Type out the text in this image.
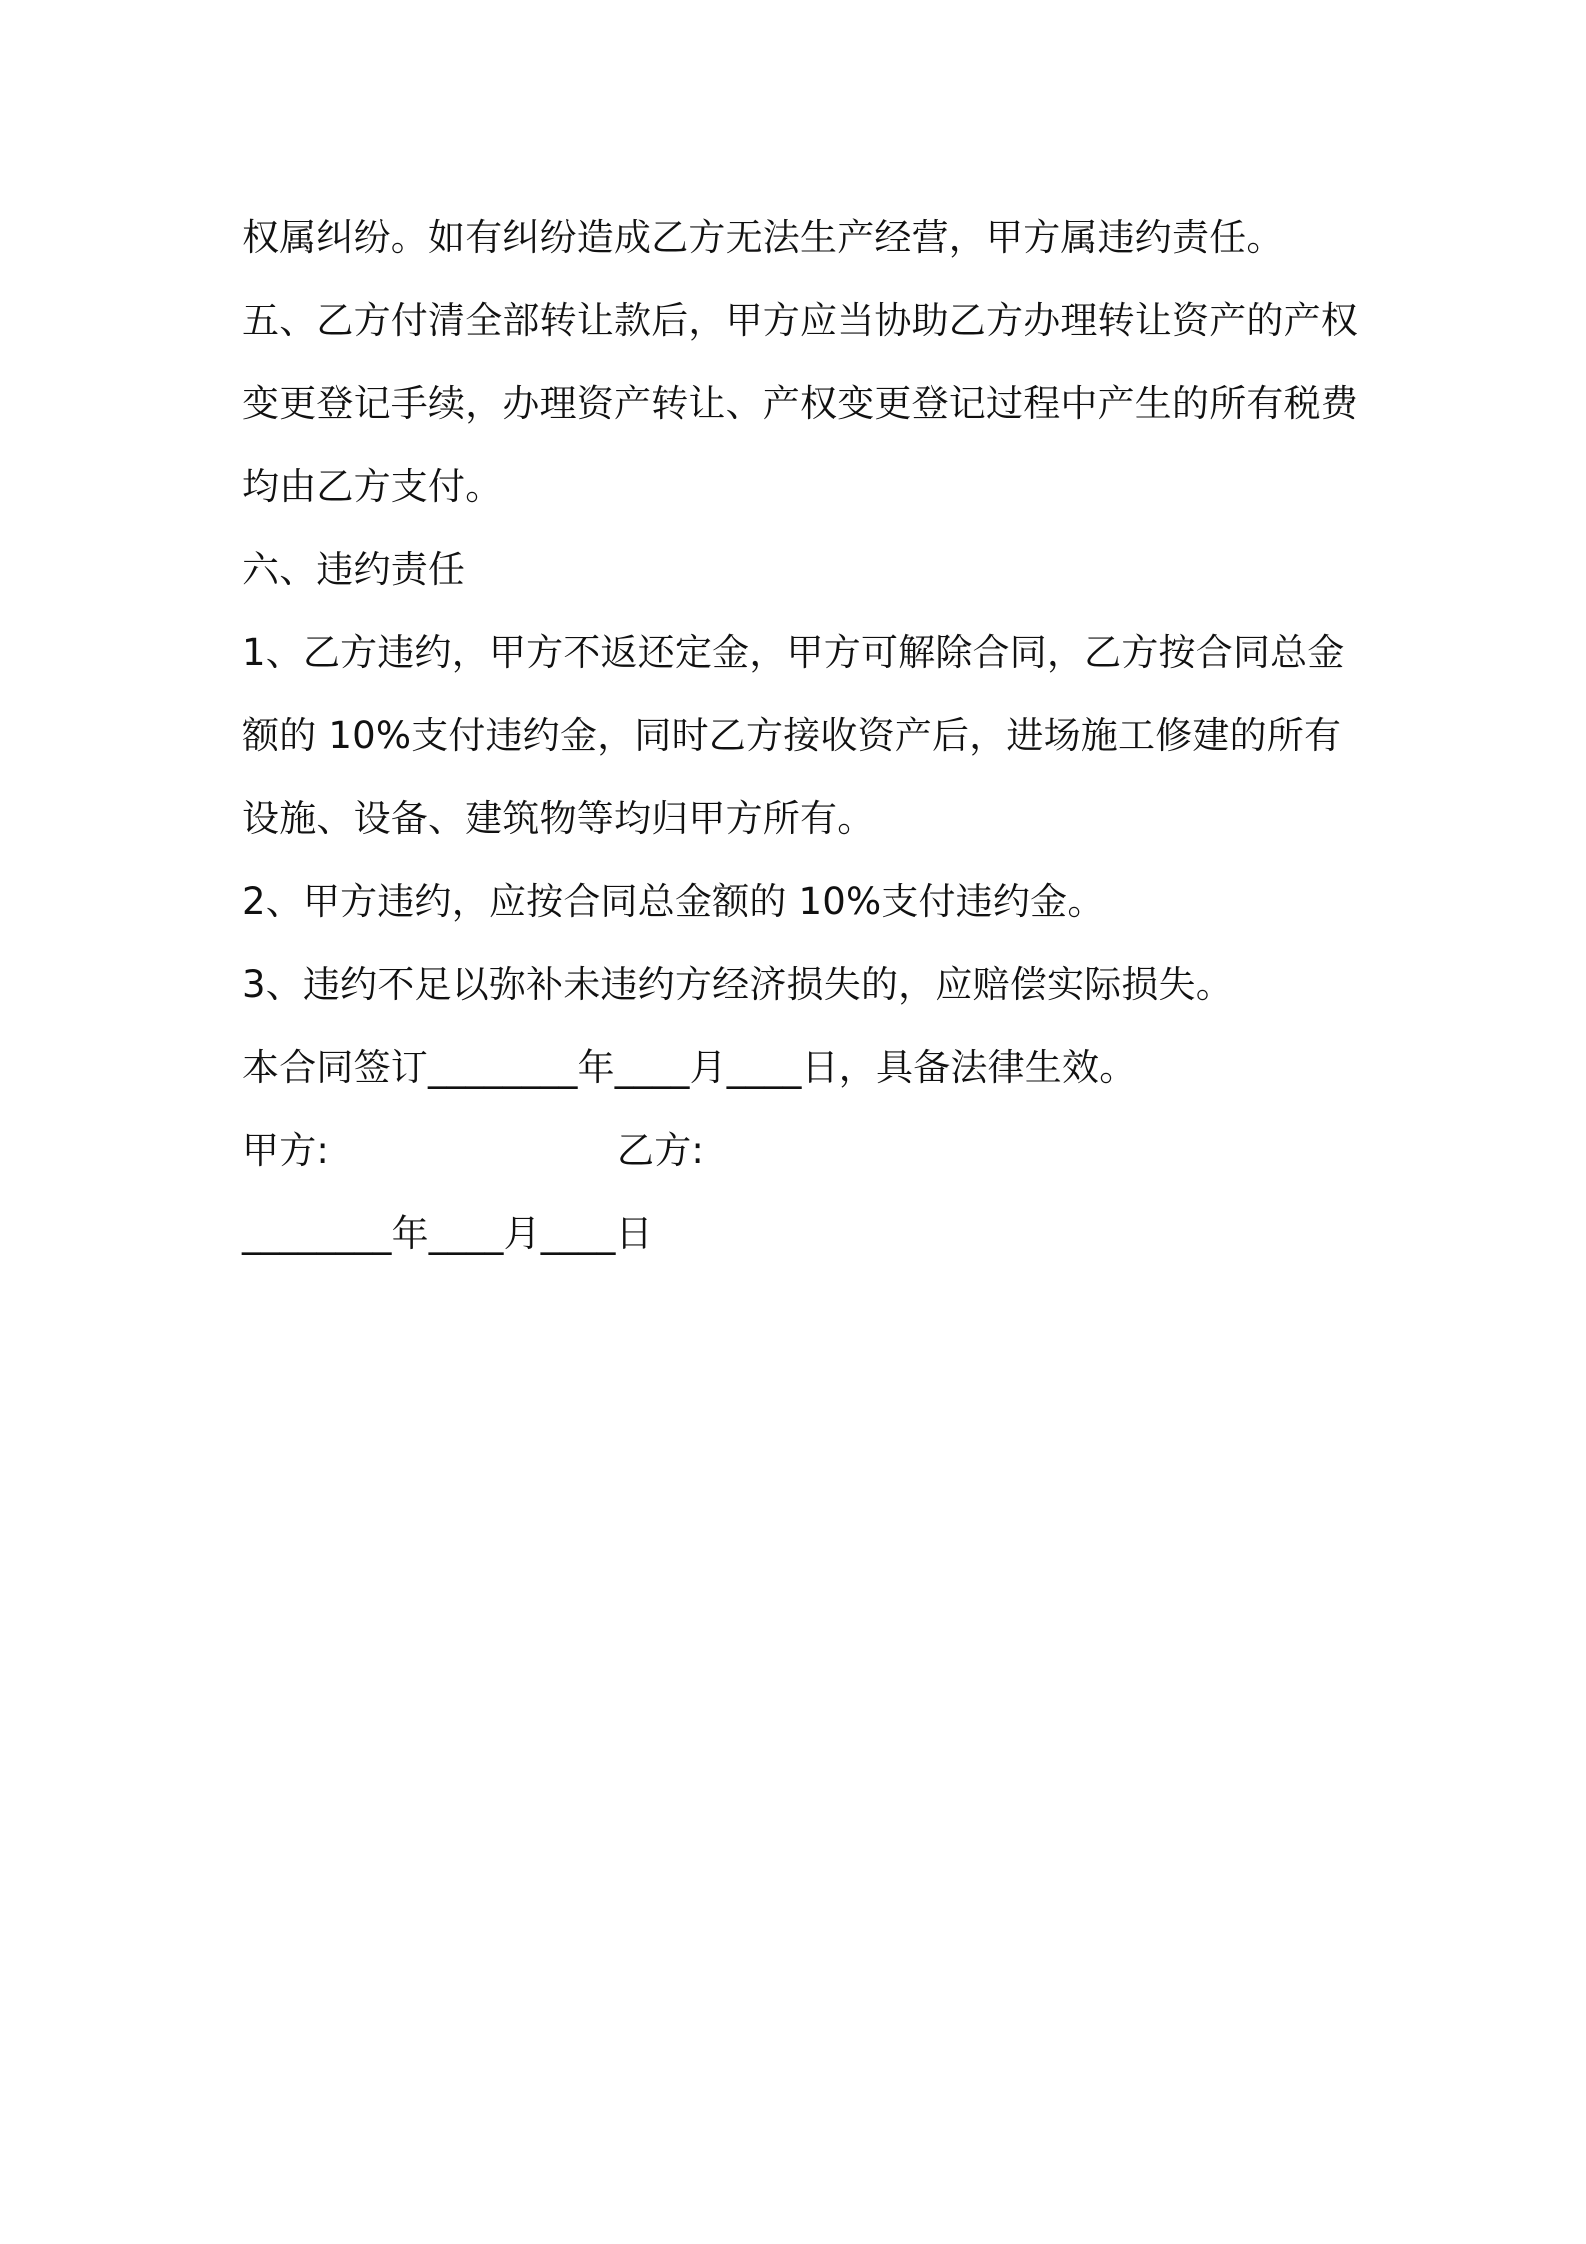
权属纠纷。如有纠纷造成乙方无法生产经营，甲方属违约责任。

五、乙方付清全部转让款后，甲方应当协助乙方办理转让资产的产权

变更登记手续，办理资产转让、产权变更登记过程中产生的所有税费

均由乙方支付。

六、违约责任

1、乙方违约，甲方不返还定金，甲方可解除合同，乙方按合同总金

额的 10%支付违约金，同时乙方接收资产后，进场施工修建的所有

设施、设备、建筑物等均归甲方所有。

2、甲方违约，应按合同总金额的 10%支付违约金。

3、违约不足以弥补未违约方经济损失的，应赔偿实际损失。

本合同签订________年____月____日，具备法律生效。

甲方:	乙方:

________年____月____日
